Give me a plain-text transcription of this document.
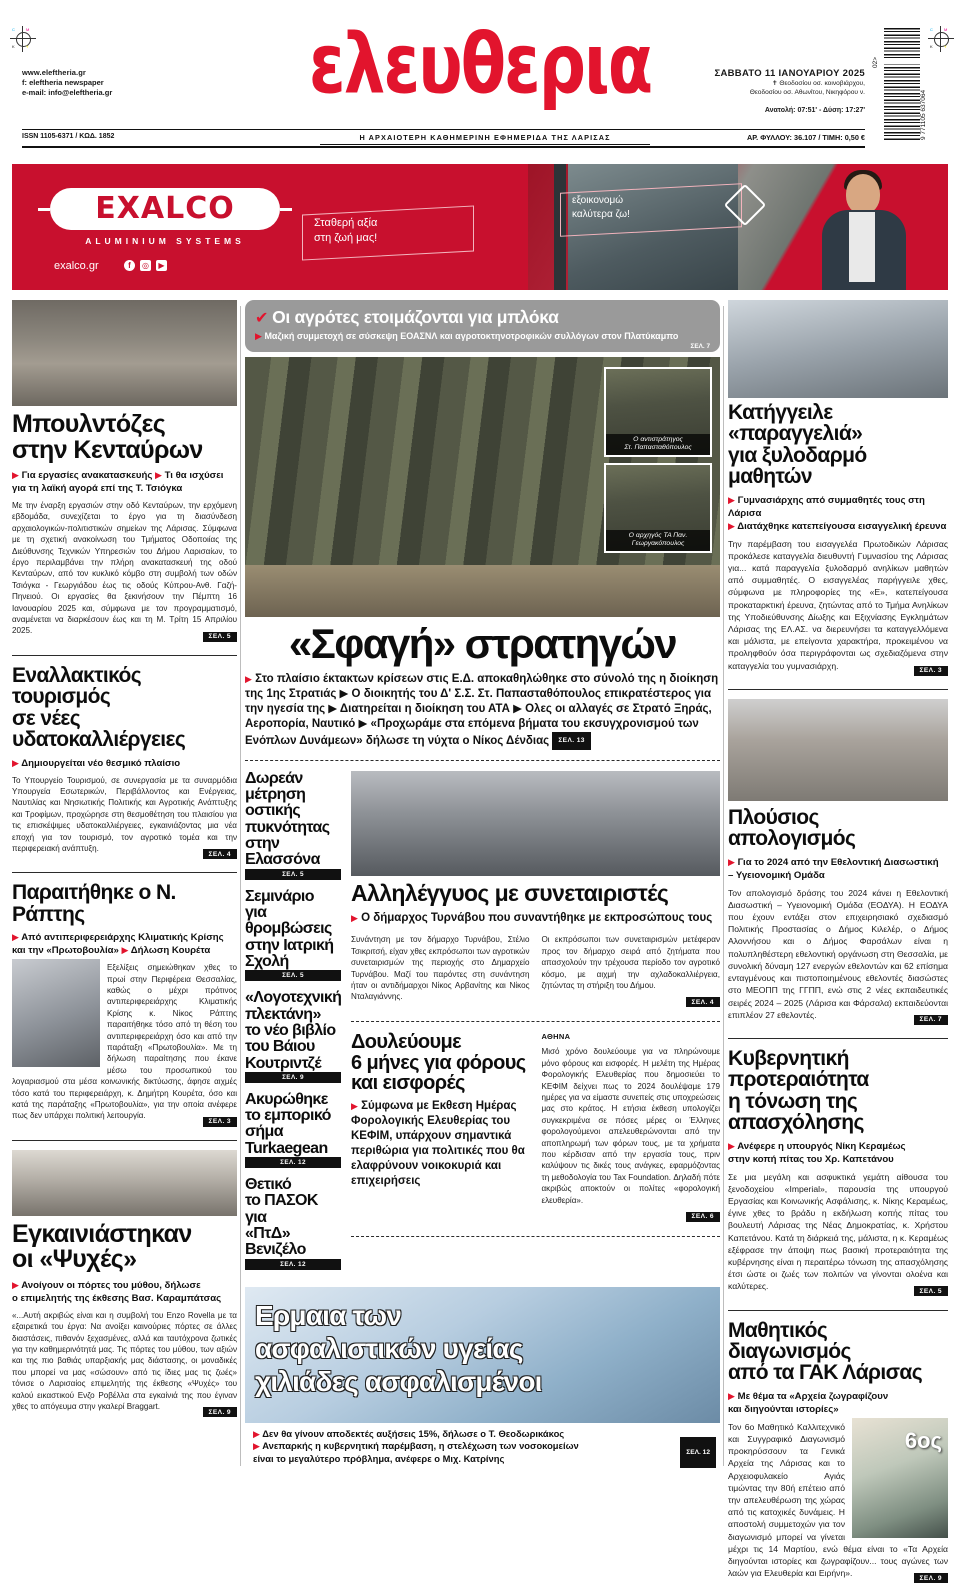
C	M
K	Y
C	M
K	Y
www.eleftheria.gr
f: eleftheria newspaper
e-mail: info@eleftheria.gr	ελευθερια	ΣΑΒΒΑΤΟ 11 ΙΑΝΟΥΑΡΙΟΥ 2025
✝ Θεοδοσίου οσ. κοινοβιάρχου,
Θεοδοσίου οσ. Αθωνίτου, Νικηφόρου ν.
Ανατολή: 07:51' - Δύση: 17:27'
02>
9 771105 637064
ISSN 1105-6371 / ΚΩΔ. 1852	Η ΑΡΧΑΙΟΤΕΡΗ ΚΑΘΗΜΕΡΙΝΗ ΕΦΗΜΕΡΙΔΑ ΤΗΣ ΛΑΡΙΣΑΣ	ΑΡ. ΦΥΛΛΟΥ: 36.107 / ΤΙΜΗ: 0,50 €
EXALCO
ALUMINIUM SYSTEMS
exalco.gr	f	◎	▶
Σταθερή αξία
στη ζωή μας!
εξοικονομώ
καλύτερα ζω!
Μπουλντόζες
στην Κενταύρων
▶ Για εργασίες ανακατασκευής ▶ Τι θα ισχύσει
για τη λαϊκή αγορά επί της Τ. Τσιόγκα

Με την έναρξη εργασιών στην οδό Κενταύρων, την ερχόμενη εβδομάδα, συνεχίζεται το έργο για τη διασύνδεση αρχαιολογικών-πολιτιστικών σημείων της Λάρισας. Σύμφωνα με τη σχετική ανακοίνωση του Τμήματος Οδοποιίας της Διεύθυνσης Τεχνικών Υπηρεσιών του Δήμου Λαρισαίων, το έργο περιλαμβάνει την πλήρη ανακατασκευή της οδού Κενταύρων, από τον κυκλικό κόμβο στη συμβολή των οδών Τσιόγκα - Γεωργιάδου έως τις οδούς Κύπρου-Ανθ. Γαζή-Πηνειού. Οι εργασίες θα ξεκινήσουν την Πέμπτη 16 Ιανουαρίου 2025 και, σύμφωνα με τον προγραμματισμό, αναμένεται να διαρκέσουν έως και τη Μ. Τρίτη 15 Απριλίου 2025.

ΣΕΛ. 5
Εναλλακτικός τουρισμός
σε νέες υδατοκαλλιέργειες
▶ Δημιουργείται νέο θεσμικό πλαίσιο

Το Υπουργείο Τουρισμού, σε συνεργασία με τα συναρμόδια Υπουργεία Εσωτερικών, Περιβάλλοντος και Ενέργειας, Ναυτιλίας και Νησιωτικής Πολιτικής και Αγροτικής Ανάπτυξης και Τροφίμων, προχώρησε στη θεσμοθέτηση του πλαισίου για τις επισκέψιμες υδατοκαλλιέργειες, εγκαινιάζοντας μια νέα εποχή για τον τουρισμό, τον αγροτικό τομέα και την περιφερειακή ανάπτυξη.

ΣΕΛ. 4
Παραιτήθηκε ο Ν. Ράπτης
▶ Από αντιπεριφερειάρχης Κλιματικής Κρίσης
και την «Πρωτοβουλία» ▶ Δήλωση Κουρέτα

Εξελίξεις σημειώθηκαν χθες το πρωί στην Περιφέρεια Θεσσαλίας, καθώς ο μέχρι πρότινος αντιπεριφερειάρχης Κλιματικής Κρίσης κ. Νίκος Ράπτης παραιτήθηκε τόσο από τη θέση του αντιπεριφερειάρχη όσο και από την παράταξη «Πρωτοβουλία». Με τη δήλωση παραίτησης που έκανε μέσω του προσωπικού του λογαριασμού στα μέσα κοινωνικής δικτύωσης, άφησε αιχμές τόσο κατά του περιφερειάρχη, κ. Δημήτρη Κουρέτα, όσο και κατά της παράταξης «Πρωτοβουλία», για την οποία ανέφερε πως δεν υπάρχει πολιτική λειτουργία.

ΣΕΛ. 3
Εγκαινιάστηκαν
οι «Ψυχές»
▶ Ανοίγουν οι πόρτες του μύθου, δήλωσε
ο επιμελητής της έκθεσης Βασ. Καραμπάτσας

«...Αυτή ακριβώς είναι και η συμβολή του Enzo Rovella με τα εξαιρετικά του έργα: Να ανοίξει καινούριες πόρτες σε άλλες διαστάσεις, πιθανόν ξεχασμένες, αλλά και ταυτόχρονα ζωτικές για την καθημερινότητά μας. Τις πόρτες του μύθου, των αξιών και της πιο βαθιάς υπαρξιακής μας διάστασης, οι μοναδικές που μπορεί να μας «σώσουν» από τις ίδιες μας τις ζωές» τόνισε ο Λαρισαίος επιμελητής της έκθεσης «Ψυχές» του καλού εικαστικού Ενζο Ροβέλλα στα εγκαίνιά της που έγιναν χθες το απόγευμα στην γκαλερί Braggart.

ΣΕΛ. 9
✔ Οι αγρότες ετοιμάζονται για μπλόκα
▶ Μαζική συμμετοχή σε σύσκεψη ΕΟΑΣΝΛ και αγροτοκτηνοτροφικών συλλόγων στον Πλατύκαμπο
ΣΕΛ. 7
Ο αντιστράτηγος
Στ. Παπασταθόπουλος
Ο αρχηγός ΤΑ Παν.
Γεωργακόπουλος
«Σφαγή» στρατηγών
▶ Στο πλαίσιο έκτακτων κρίσεων στις Ε.Δ. αποκαθηλώθηκε στο σύνολό της η διοίκηση της 1ης Στρατιάς ▶ Ο διοικητής του Δ' Σ.Σ. Στ. Παπασταθόπουλος επικρατέστερος για την ηγεσία της ▶ Διατηρείται η διοίκηση του ΑΤΑ ▶ Ολες οι αλλαγές σε Στρατό Ξηράς, Αεροπορία, Ναυτικό ▶ «Προχωράμε στα επόμενα βήματα του εκσυγχρονισμού των Ενόπλων Δυνάμεων» δήλωσε τη νύχτα ο Νίκος Δένδιας ΣΕΛ. 13
Δωρεάν
μέτρηση οστικής
πυκνότητας
στην Ελασσόνα
ΣΕΛ. 5
Σεμινάριο
για θρομβώσεις
στην Ιατρική
Σχολή
ΣΕΛ. 5
«Λογοτεχνική
πλεκτάνη»
το νέο βιβλίο
του Βάιου
Κουτριντζέ
ΣΕΛ. 9
Ακυρώθηκε
το εμπορικό
σήμα
Turkaegean
ΣΕΛ. 12
Θετικό
το ΠΑΣΟΚ για
«ΠτΔ» Βενιζέλο
ΣΕΛ. 12
Αλληλέγγυος με συνεταιριστές
▶ Ο δήμαρχος Τυρνάβου που συναντήθηκε με εκπροσώπους τους

Συνάντηση με τον δήμαρχο Τυρνάβου, Στέλιο Τσικριτσή, είχαν χθες εκπρόσωποι των αγροτικών συνεταιρισμών της περιοχής στο Δημαρχείο Τυρνάβου. Μαζί του παρόντες στη συνάντηση ήταν οι αντιδήμαρχοι Νίκος Αρβανίτης και Νίκος Νταλαγιάννης.

Οι εκπρόσωποι των συνεταιρισμών μετέφεραν προς τον δήμαρχο σειρά από ζητήματα που απασχολούν την τρέχουσα περίοδο τον αγροτικό κόσμο, με αιχμή την αχλαδοκαλλιέργεια, ζητώντας τη στήριξη του Δήμου.

ΣΕΛ. 4
Δουλεύουμε
6 μήνες για φόρους
και εισφορές
▶ Σύμφωνα με Εκθεση Ημέρας Φορολογικής Ελευθερίας του ΚΕΦΙΜ, υπάρχουν σημαντικά περιθώρια για πολιτικές που θα ελαφρύνουν νοικοκυριά και επιχειρήσεις
ΑΘΗΝΑ

Μισό χρόνο δουλεύουμε για να πληρώνουμε μόνο φόρους και εισφορές. Η μελέτη της Ημέρας Φορολογικής Ελευθερίας που δημοσιεύει το ΚΕΦΙΜ δείχνει πως το 2024 δουλέψαμε 179 ημέρες για να είμαστε συνεπείς στις υποχρεώσεις μας στο κράτος. Η ετήσια έκθεση υπολογίζει συγκεκριμένα σε πόσες μέρες οι Έλληνες φορολογούμενοι απελευθερώνονται από την αποπληρωμή των φόρων τους, με τα χρήματα που κέρδισαν από την εργασία τους, πριν καλύψουν τις δικές τους ανάγκες, εφαρμόζοντας τη μεθοδολογία του Tax Foundation. Δηλαδή πότε ακριβώς αποκτούν οι πολίτες «φορολογική ελευθερία».

ΣΕΛ. 6
Ερμαια των
ασφαλιστικών υγείας
χιλιάδες ασφαλισμένοι
▶ Δεν θα γίνουν αποδεκτές αυξήσεις 15%, δήλωσε ο Τ. Θεοδωρικάκος
▶ Ανεπαρκής η κυβερνητική παρέμβαση, η στελέχωση των νοσοκομείων
είναι το μεγαλύτερο πρόβλημα, ανέφερε ο Μιχ. Κατρίνης
ΣΕΛ. 12
Κατήγγειλε «παραγγελιά»
για ξυλοδαρμό μαθητών
▶ Γυμνασιάρχης από συμμαθητές τους στη Λάρισα
▶ Διατάχθηκε κατεπείγουσα εισαγγελική έρευνα

Την παρέμβαση του εισαγγελέα Πρωτοδικών Λάρισας προκάλεσε καταγγελία διευθυντή Γυμνασίου της Λάρισας για... κατά παραγγελία ξυλοδαρμό ανηλίκων μαθητών από συμμαθητές. Ο εισαγγελέας παρήγγειλε χθες, σύμφωνα με πληροφορίες της «Ε», κατεπείγουσα προκαταρκτική έρευνα, ζητώντας από το Τμήμα Ανηλίκων της Υποδιεύθυνσης Δίωξης και Εξιχνίασης Εγκλημάτων Λάρισας της ΕΛ.ΑΣ. να διερευνήσει τα καταγγελλόμενα και μάλιστα, με επείγοντα χαρακτήρα, προκειμένου να προληφθούν όσα περιγράφονται ως σχεδιαζόμενα στην καταγγελία του γυμνασιάρχη.	ΣΕΛ. 3
Πλούσιος απολογισμός
▶ Για το 2024 από την Εθελοντική Διασωστική
– Υγειονομική Ομάδα

Τον απολογισμό δράσης του 2024 κάνει η Εθελοντική Διασωστική – Υγειονομική Ομάδα (ΕΟΔΥΑ). Η ΕΟΔΥΑ που έχουν εντάξει στον επιχειρησιακό σχεδιασμό Πολιτικής Προστασίας ο Δήμος Κιλελέρ, ο Δήμος Αλοννήσου και ο Δήμος Φαρσάλων είναι η πολυπληθέστερη εθελοντική οργάνωση στη Θεσσαλία, με συνολική δύναμη 127 ενεργών εθελοντών και 62 επίσημα ενταγμένους και πιστοποιημένους εθελοντές διασώστες στο ΜΕΟΠΠ της ΓΓΠΠ, ενώ στις 2 νέες εκπαιδευτικές σειρές 2024 – 2025 (Λάρισα και Φάρσαλα) εκπαιδεύονται επιπλέον 27 εθελοντές.	ΣΕΛ. 7
Κυβερνητική προτεραιότητα
η τόνωση της απασχόλησης
▶ Ανέφερε η υπουργός Νίκη Κεραμέως
στην κοπή πίτας του Χρ. Καπετάνου

Σε μια μεγάλη και ασφυκτικά γεμάτη αίθουσα του ξενοδοχείου «Imperial», παρουσία της υπουργού Εργασίας και Κοινωνικής Ασφάλισης, κ. Νίκης Κεραμέως, έγινε χθες το βράδυ η εκδήλωση κοπής πίτας του βουλευτή Λάρισας της Νέας Δημοκρατίας, κ. Χρήστου Καπετάνου. Κατά τη διάρκειά της, μάλιστα, η κ. Κεραμέως εξέφρασε την άποψη πως βασική προτεραιότητα της κυβέρνησης είναι η περαιτέρω τόνωση της απασχόλησης έτσι ώστε οι ζωές των πολιτών να γίνονται ολοένα και καλύτερες.	ΣΕΛ. 5
Μαθητικός διαγωνισμός
από τα ΓΑΚ Λάρισας
▶ Με θέμα τα «Αρχεία ζωγραφίζουν
και διηγούνται ιστορίες»
6ος

Τον 6ο Μαθητικό Καλλιτεχνικό και Συγγραφικό Διαγωνισμό προκηρύσσουν τα Γενικά Αρχεία της Λάρισας και το Αρχειοφυλακείο Αγιάς τιμώντας την 80ή επέτειο από την απελευθέρωση της χώρας από τις κατοχικές δυνάμεις. Η αποστολή συμμετοχών για τον διαγωνισμό μπορεί να γίνεται μέχρι τις 14 Μαρτίου, ενώ θέμα είναι το «Τα Αρχεία διηγούνται ιστορίες και ζωγραφίζουν... τους αγώνες των λαών για Ελευθερία και Ειρήνη».	ΣΕΛ. 9
